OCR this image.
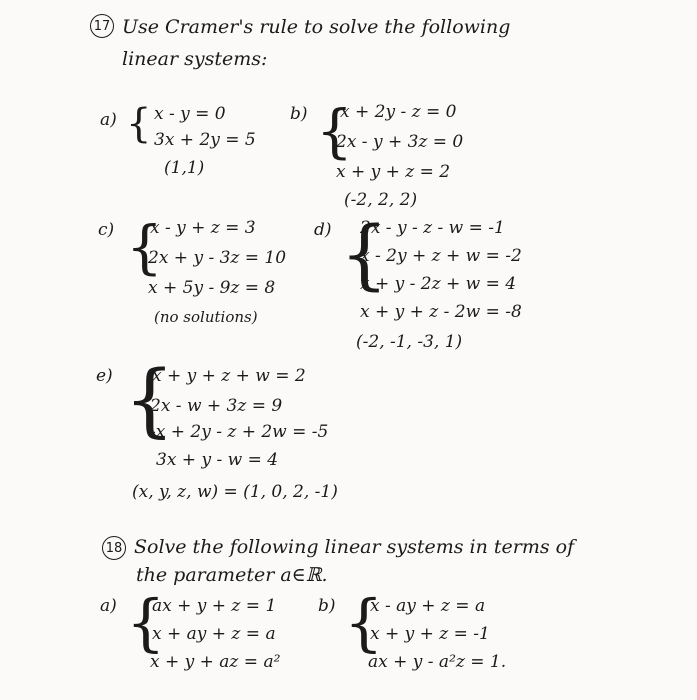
17 Use Cramer's rule to solve the following
linear systems:
a) { x - y = 0
3x + 2y = 5
(1,1)
b) {
x + 2y - z = 0
2x - y + 3z = 0
x + y + z = 2
(-2, 2, 2)
c) {
x - y + z = 3
2x + y - 3z = 10
x + 5y - 9z = 8
(no solutions)
d) {
2x - y - z - w = -1
x - 2y + z + w = -2
x + y - 2z + w = 4
x + y + z - 2w = -8
(-2, -1, -3, 1)
e) {
x + y + z + w = 2
2x - w + 3z = 9
-x + 2y - z + 2w = -5
3x + y - w = 4
(x, y, z, w) = (1, 0, 2, -1)
18 Solve the following linear systems in terms of
the parameter a∈ℝ.
a) {
ax + y + z = 1
x + ay + z = a
x + y + az = a²
b) {
x - ay + z = a
x + y + z = -1
ax + y - a²z = 1.
